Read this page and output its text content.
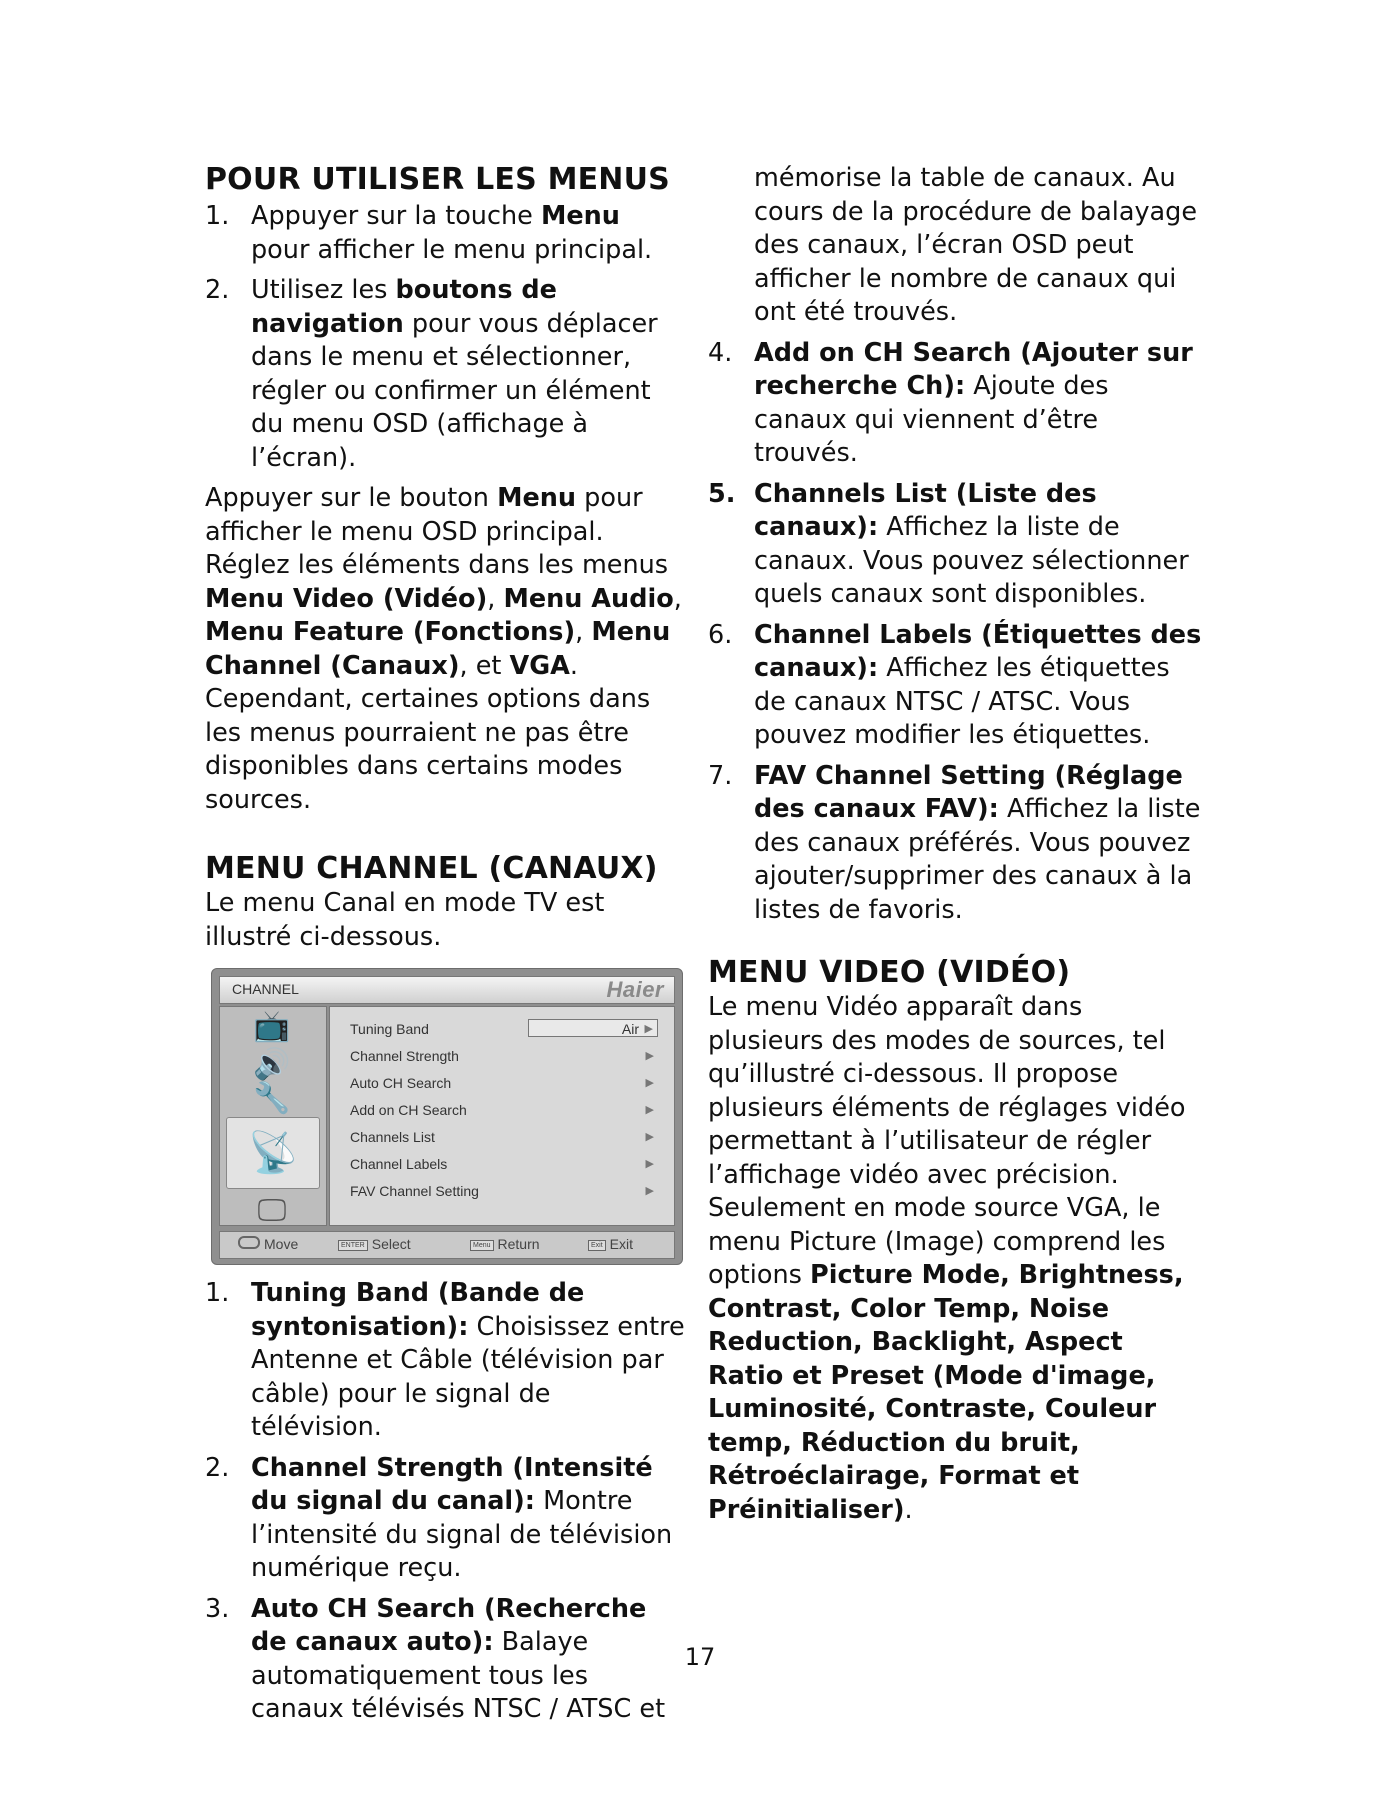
POUR UTILISER LES MENUS
1. Appuyer sur la touche Menu pour afficher le menu principal.
2. Utilisez les boutons de navigation pour vous déplacer dans le menu et sélectionner, régler ou confirmer un élément du menu OSD (affichage à l’écran).

Appuyer sur le bouton Menu pour afficher le menu OSD principal. Réglez les éléments dans les menus Menu Video (Vidéo), Menu Audio, Menu Feature (Fonctions), Menu Channel (Canaux), et VGA. Cependant, certaines options dans les menus pourraient ne pas être disponibles dans certains modes sources.

MENU CHANNEL (CANAUX)

Le menu Canal en mode TV est illustré ci-dessous.

CHANNEL	Haier
📺
🔊
🔧
📡
🖵
Tuning Band	Air ▶
Channel Strength	▶
Auto CH Search	▶
Add on CH Search	▶
Channels List	▶
Channel Labels	▶
FAV Channel Setting	▶
Move	ENTER Select	Menu Return	Exit Exit
1. Tuning Band (Bande de syntonisation): Choisissez entre Antenne et Câble (télévision par câble) pour le signal de télévision.
2. Channel Strength (Intensité du signal du canal): Montre l’intensité du signal de télévision numérique reçu.
3. Auto CH Search (Recherche de canaux auto): Balaye automatiquement tous les canaux télévisés NTSC / ATSC et

mémorise la table de canaux. Au cours de la procédure de balayage des canaux, l’écran OSD peut afficher le nombre de canaux qui ont été trouvés.

4. Add on CH Search (Ajouter sur recherche Ch): Ajoute des canaux qui viennent d’être trouvés.
5. Channels List (Liste des canaux): Affichez la liste de canaux. Vous pouvez sélectionner quels canaux sont disponibles.
6. Channel Labels (Étiquettes des canaux): Affichez les étiquettes de canaux NTSC / ATSC. Vous pouvez modifier les étiquettes.
7. FAV Channel Setting (Réglage des canaux FAV): Affichez la liste des canaux préférés. Vous pouvez ajouter/supprimer des canaux à la listes de favoris.
MENU VIDEO (VIDÉO)

Le menu Vidéo apparaît dans plusieurs des modes de sources, tel qu’illustré ci-dessous. Il propose plusieurs éléments de réglages vidéo permettant à l’utilisateur de régler l’affichage vidéo avec précision. Seulement en mode source VGA, le menu Picture (Image) comprend les options Picture Mode, Brightness, Contrast, Color Temp, Noise Reduction, Backlight, Aspect Ratio et Preset (Mode d'image, Luminosité, Contraste, Couleur temp, Réduction du bruit, Rétroéclairage, Format et Préinitialiser).

17
